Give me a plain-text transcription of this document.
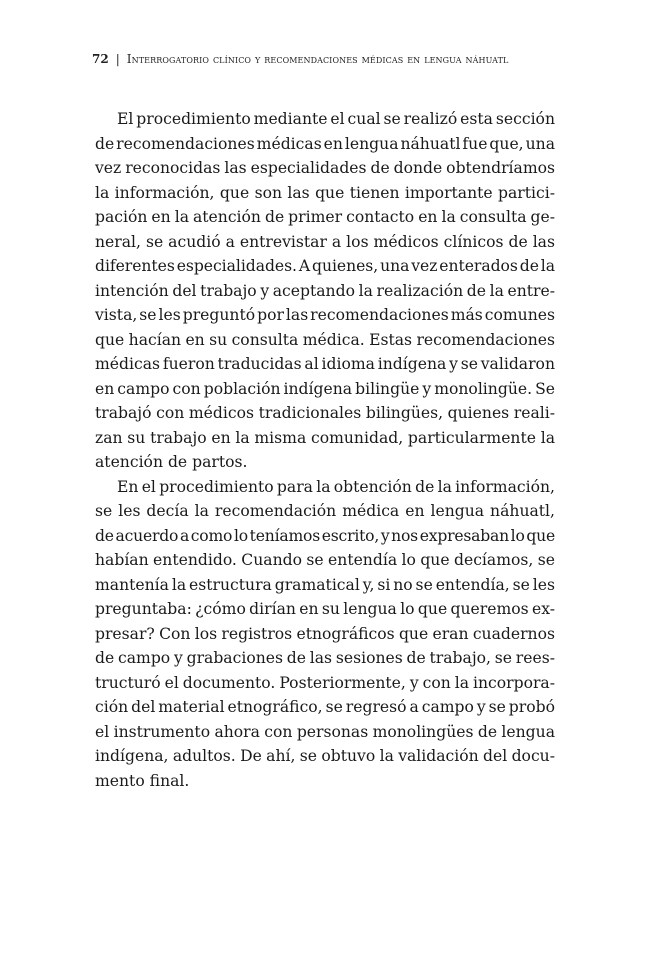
72 | Interrogatorio clínico y recomendaciones médicas en lengua náhuatl
El procedimiento mediante el cual se realizó esta sección
de recomendaciones médicas en lengua náhuatl fue que, una
vez reconocidas las especialidades de donde obtendríamos
la información, que son las que tienen importante partici-
pación en la atención de primer contacto en la consulta ge-
neral, se acudió a entrevistar a los médicos clínicos de las
diferentes especialidades. A quienes, una vez enterados de la
intención del trabajo y aceptando la realización de la entre-
vista, se les preguntó por las recomendaciones más comunes
que hacían en su consulta médica. Estas recomendaciones
médicas fueron traducidas al idioma indígena y se validaron
en campo con población indígena bilingüe y monolingüe. Se
trabajó con médicos tradicionales bilingües, quienes reali-
zan su trabajo en la misma comunidad, particularmente la
atención de partos.
En el procedimiento para la obtención de la información,
se les decía la recomendación médica en lengua náhuatl,
de acuerdo a como lo teníamos escrito, y nos expresaban lo que
habían entendido. Cuando se entendía lo que decíamos, se
mantenía la estructura gramatical y, si no se entendía, se les
preguntaba: ¿cómo dirían en su lengua lo que queremos ex-
presar? Con los registros etnográficos que eran cuadernos
de campo y grabaciones de las sesiones de trabajo, se rees-
tructuró el documento. Posteriormente, y con la incorpora-
ción del material etnográfico, se regresó a campo y se probó
el instrumento ahora con personas monolingües de lengua
indígena, adultos. De ahí, se obtuvo la validación del docu-
mento final.
